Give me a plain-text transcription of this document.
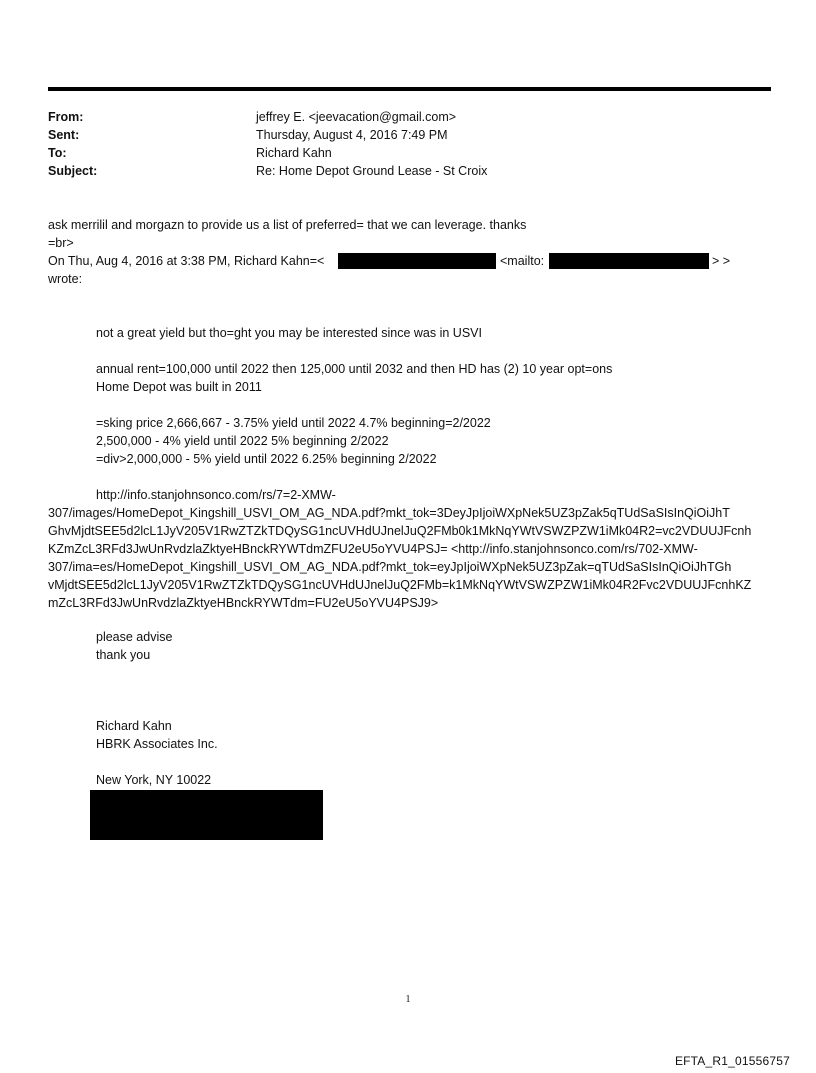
From:	jeffrey E. <jeevacation@gmail.com>
Sent:	Thursday, August 4, 2016 7:49 PM
To:	Richard Kahn
Subject:	Re: Home Depot Ground Lease - St Croix
ask merrilil and morgazn to provide us a list of preferred= that we can leverage. thanks
=br>
On Thu, Aug 4, 2016 at 3:38 PM, Richard Kahn=<	<mailto:	> >
wrote:
not a great yield but tho=ght you may be interested since was in USVI
annual rent=100,000 until 2022 then 125,000 until 2032 and then HD has (2) 10 year opt=ons
Home Depot was built in 2011
=sking price 2,666,667 - 3.75% yield until 2022 4.7% beginning=2/2022
2,500,000 - 4% yield until 2022 5% beginning 2/2022
=div>2,000,000 - 5% yield until 2022 6.25% beginning 2/2022
http://info.stanjohnsonco.com/rs/7=2-XMW-
307/images/HomeDepot_Kingshill_USVI_OM_AG_NDA.pdf?mkt_tok=3DeyJpIjoiWXpNek5UZ3pZak5qTUdSaSIsInQiOiJhT
GhvMjdtSEE5d2lcL1JyV205V1RwZTZkTDQySG1ncUVHdUJnelJuQ2FMb0k1MkNqYWtVSWZPZW1iMk04R2=vc2VDUUJFcnh
KZmZcL3RFd3JwUnRvdzlaZktyeHBnckRYWTdmZFU2eU5oYVU4PSJ= <http://info.stanjohnsonco.com/rs/702-XMW-
307/ima=es/HomeDepot_Kingshill_USVI_OM_AG_NDA.pdf?mkt_tok=eyJpIjoiWXpNek5UZ3pZak=qTUdSaSIsInQiOiJhTGh
vMjdtSEE5d2lcL1JyV205V1RwZTZkTDQySG1ncUVHdUJnelJuQ2FMb=k1MkNqYWtVSWZPZW1iMk04R2Fvc2VDUUJFcnhKZ
mZcL3RFd3JwUnRvdzlaZktyeHBnckRYWTdm=FU2eU5oYVU4PSJ9>
please advise
thank you
Richard Kahn
HBRK Associates Inc.
New York, NY 10022
1
EFTA_R1_01556757
